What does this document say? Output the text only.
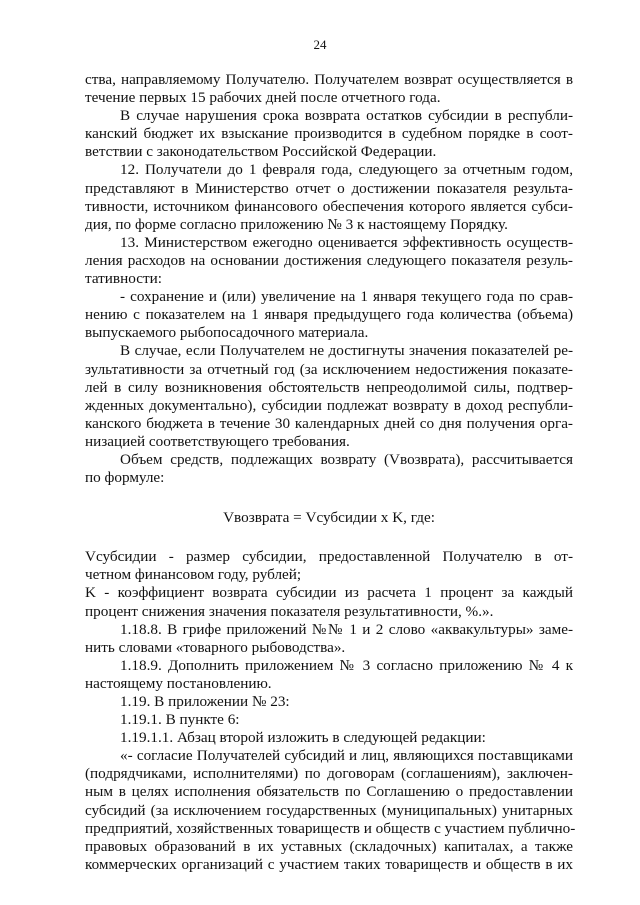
24
ства, направляемому Получателю. Получателем возврат осуществляется в
течение первых 15 рабочих дней после отчетного года.
В случае нарушения срока возврата остатков субсидии в республи-
канский бюджет их взыскание производится в судебном порядке в соот-
ветствии с законодательством Российской Федерации.
12. Получатели до 1 февраля года, следующего за отчетным годом,
представляют в Министерство отчет о достижении показателя результа-
тивности, источником финансового обеспечения которого является субси-
дия, по форме согласно приложению № 3 к настоящему Порядку.
13. Министерством ежегодно оценивается эффективность осуществ-
ления расходов на основании достижения следующего показателя резуль-
тативности:
- сохранение и (или) увеличение на 1 января текущего года по срав-
нению с показателем на 1 января предыдущего года количества (объема)
выпускаемого рыбопосадочного материала.
В случае, если Получателем не достигнуты значения показателей ре-
зультативности за отчетный год (за исключением недостижения показате-
лей в силу возникновения обстоятельств непреодолимой силы, подтвер-
жденных документально), субсидии подлежат возврату в доход республи-
канского бюджета в течение 30 календарных дней со дня получения орга-
низацией соответствующего требования.
Объем средств, подлежащих возврату (Vвозврата), рассчитывается
по формуле:
Vвозврата = Vсубсидии x K, где:
Vсубсидии - размер субсидии, предоставленной Получателю в от-
четном финансовом году, рублей;
K - коэффициент возврата субсидии из расчета 1 процент за каждый
процент снижения значения показателя результативности, %.».
1.18.8. В грифе приложений №№ 1 и 2 слово «аквакультуры» заме-
нить словами «товарного рыбоводства».
1.18.9. Дополнить приложением № 3 согласно приложению № 4 к
настоящему постановлению.
1.19. В приложении № 23:
1.19.1. В пункте 6:
1.19.1.1. Абзац второй изложить в следующей редакции:
«- согласие Получателей субсидий и лиц, являющихся поставщиками
(подрядчиками, исполнителями) по договорам (соглашениям), заключен-
ным в целях исполнения обязательств по Соглашению о предоставлении
субсидий (за исключением государственных (муниципальных) унитарных
предприятий, хозяйственных товариществ и обществ с участием публично-
правовых образований в их уставных (складочных) капиталах, а также
коммерческих организаций с участием таких товариществ и обществ в их
